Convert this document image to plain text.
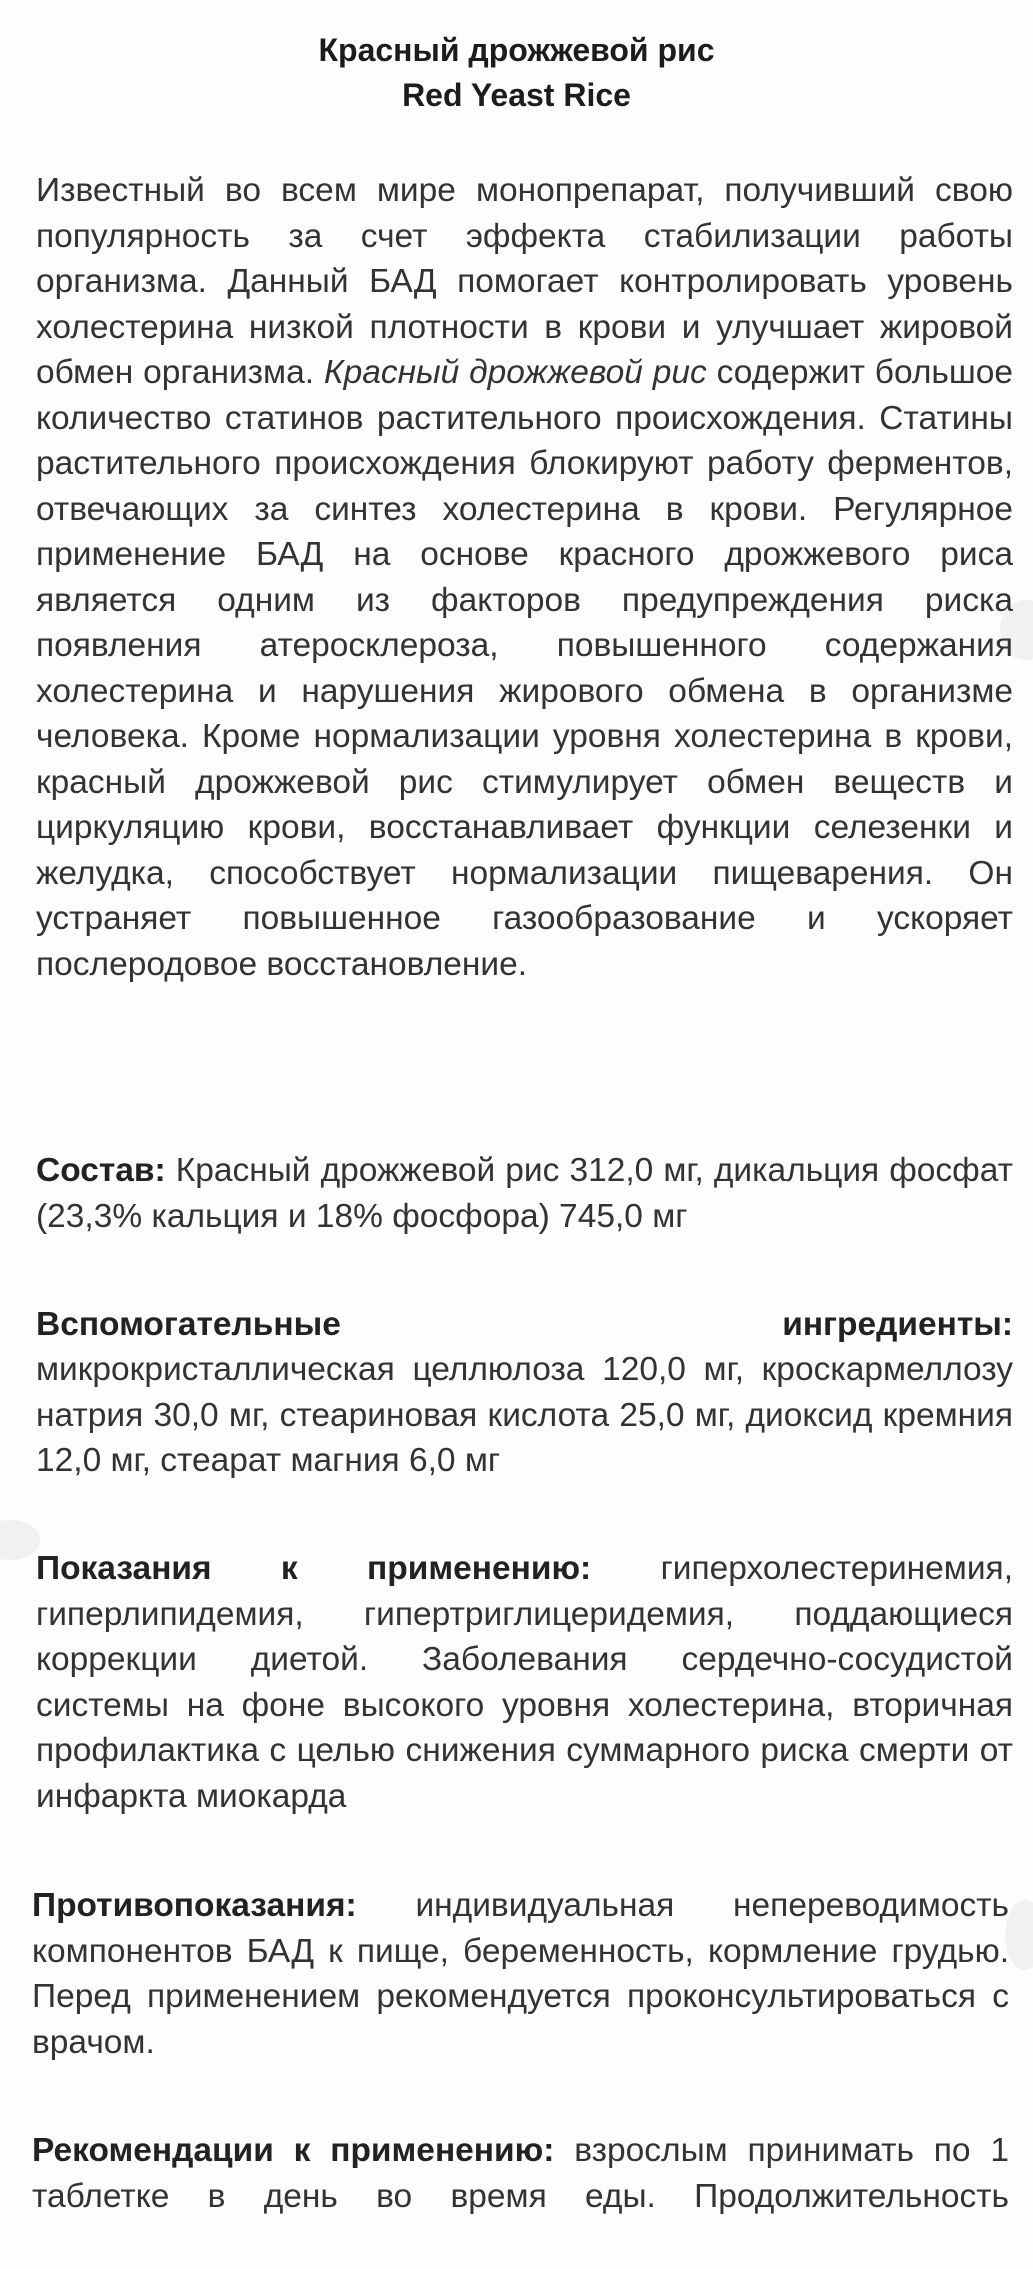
Красный дрожжевой рис
Red Yeast Rice
Известный во всем мире монопрепарат, получивший свою популярность за счет эффекта стабилизации работы организма. Данный БАД помогает контролировать уровень холестерина низкой плотности в крови и улучшает жировой обмен организма. Красный дрожжевой рис содержит большое количество статинов растительного происхождения. Статины растительного происхождения блокируют работу ферментов, отвечающих за синтез холестерина в крови. Регулярное применение БАД на основе красного дрожжевого риса является одним из факторов предупреждения риска появления атеросклероза, повышенного содержания холестерина и нарушения жирового обмена в организме человека. Кроме нормализации уровня холестерина в крови, красный дрожжевой рис стимулирует обмен веществ и циркуляцию крови, восстанавливает функции селезенки и желудка, способствует нормализации пищеварения. Он устраняет повышенное газообразование и ускоряет послеродовое восстановление.
Состав: Красный дрожжевой рис 312,0 мг, дикальция фосфат (23,3% кальция и 18% фосфора) 745,0 мг
Вспомогательные ингредиенты:
микрокристаллическая целлюлоза 120,0 мг, кроскармеллозу натрия 30,0 мг, стеариновая кислота 25,0 мг, диоксид кремния 12,0 мг, стеарат магния 6,0 мг
Показания к применению: гиперхолестеринемия, гиперлипидемия, гипертриглицеридемия, поддающиеся коррекции диетой. Заболевания сердечно-сосудистой системы на фоне высокого уровня холестерина, вторичная профилактика с целью снижения суммарного риска смерти от инфаркта миокарда
Противопоказания: индивидуальная непереводимость компонентов БАД к пище, беременность, кормление грудью. Перед применением рекомендуется проконсультироваться с врачом.
Рекомендации к применению: взрослым принимать по 1 таблетке в день во время еды. Продолжительность
